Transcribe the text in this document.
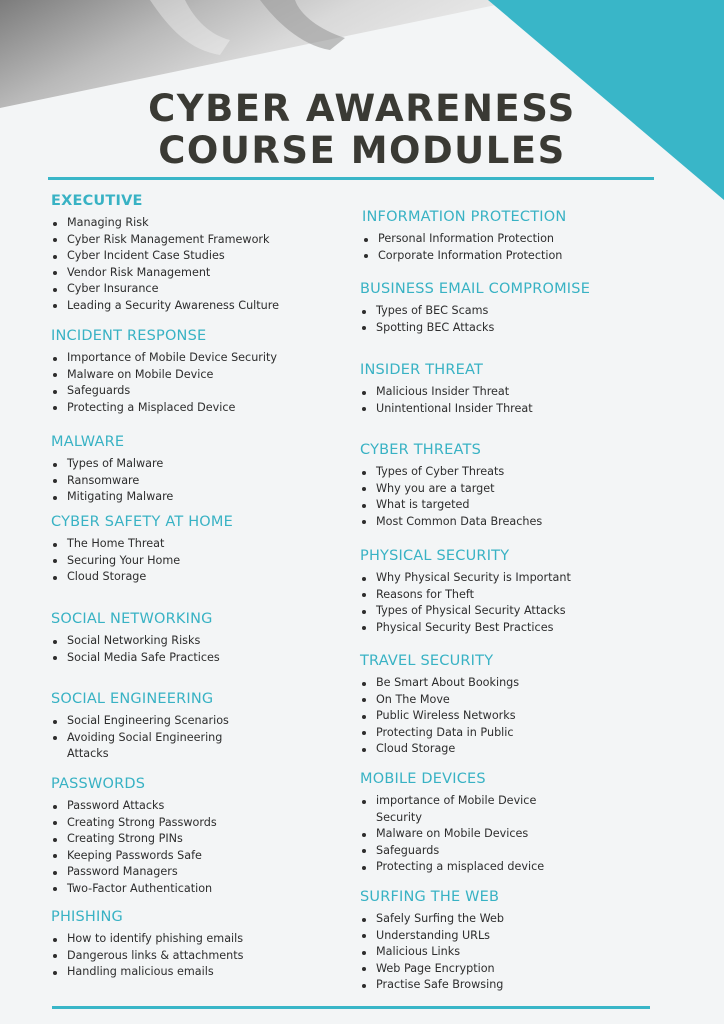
CYBER AWARENESS
COURSE MODULES
EXECUTIVE
Managing Risk
Cyber Risk Management Framework
Cyber Incident Case Studies
Vendor Risk Management
Cyber Insurance
Leading a Security Awareness Culture
INCIDENT RESPONSE
Importance of Mobile Device Security
Malware on Mobile Device
Safeguards
Protecting a Misplaced Device
MALWARE
Types of Malware
Ransomware
Mitigating Malware
CYBER SAFETY AT HOME
The Home Threat
Securing Your Home
Cloud Storage
SOCIAL NETWORKING
Social Networking Risks
Social Media Safe Practices
SOCIAL ENGINEERING
Social Engineering Scenarios
Avoiding Social Engineering
Attacks
PASSWORDS
Password Attacks
Creating Strong Passwords
Creating Strong PINs
Keeping Passwords Safe
Password Managers
Two-Factor Authentication
PHISHING
How to identify phishing emails
Dangerous links & attachments
Handling malicious emails
INFORMATION PROTECTION
Personal Information Protection
Corporate Information Protection
BUSINESS EMAIL COMPROMISE
Types of BEC Scams
Spotting BEC Attacks
INSIDER THREAT
Malicious Insider Threat
Unintentional Insider Threat
CYBER THREATS
Types of Cyber Threats
Why you are a target
What is targeted
Most Common Data Breaches
PHYSICAL SECURITY
Why Physical Security is Important
Reasons for Theft
Types of Physical Security Attacks
Physical Security Best Practices
TRAVEL SECURITY
Be Smart About Bookings
On The Move
Public Wireless Networks
Protecting Data in Public
Cloud Storage
MOBILE DEVICES
importance of Mobile Device
Security
Malware on Mobile Devices
Safeguards
Protecting a misplaced device
SURFING THE WEB
Safely Surfing the Web
Understanding URLs
Malicious Links
Web Page Encryption
Practise Safe Browsing
